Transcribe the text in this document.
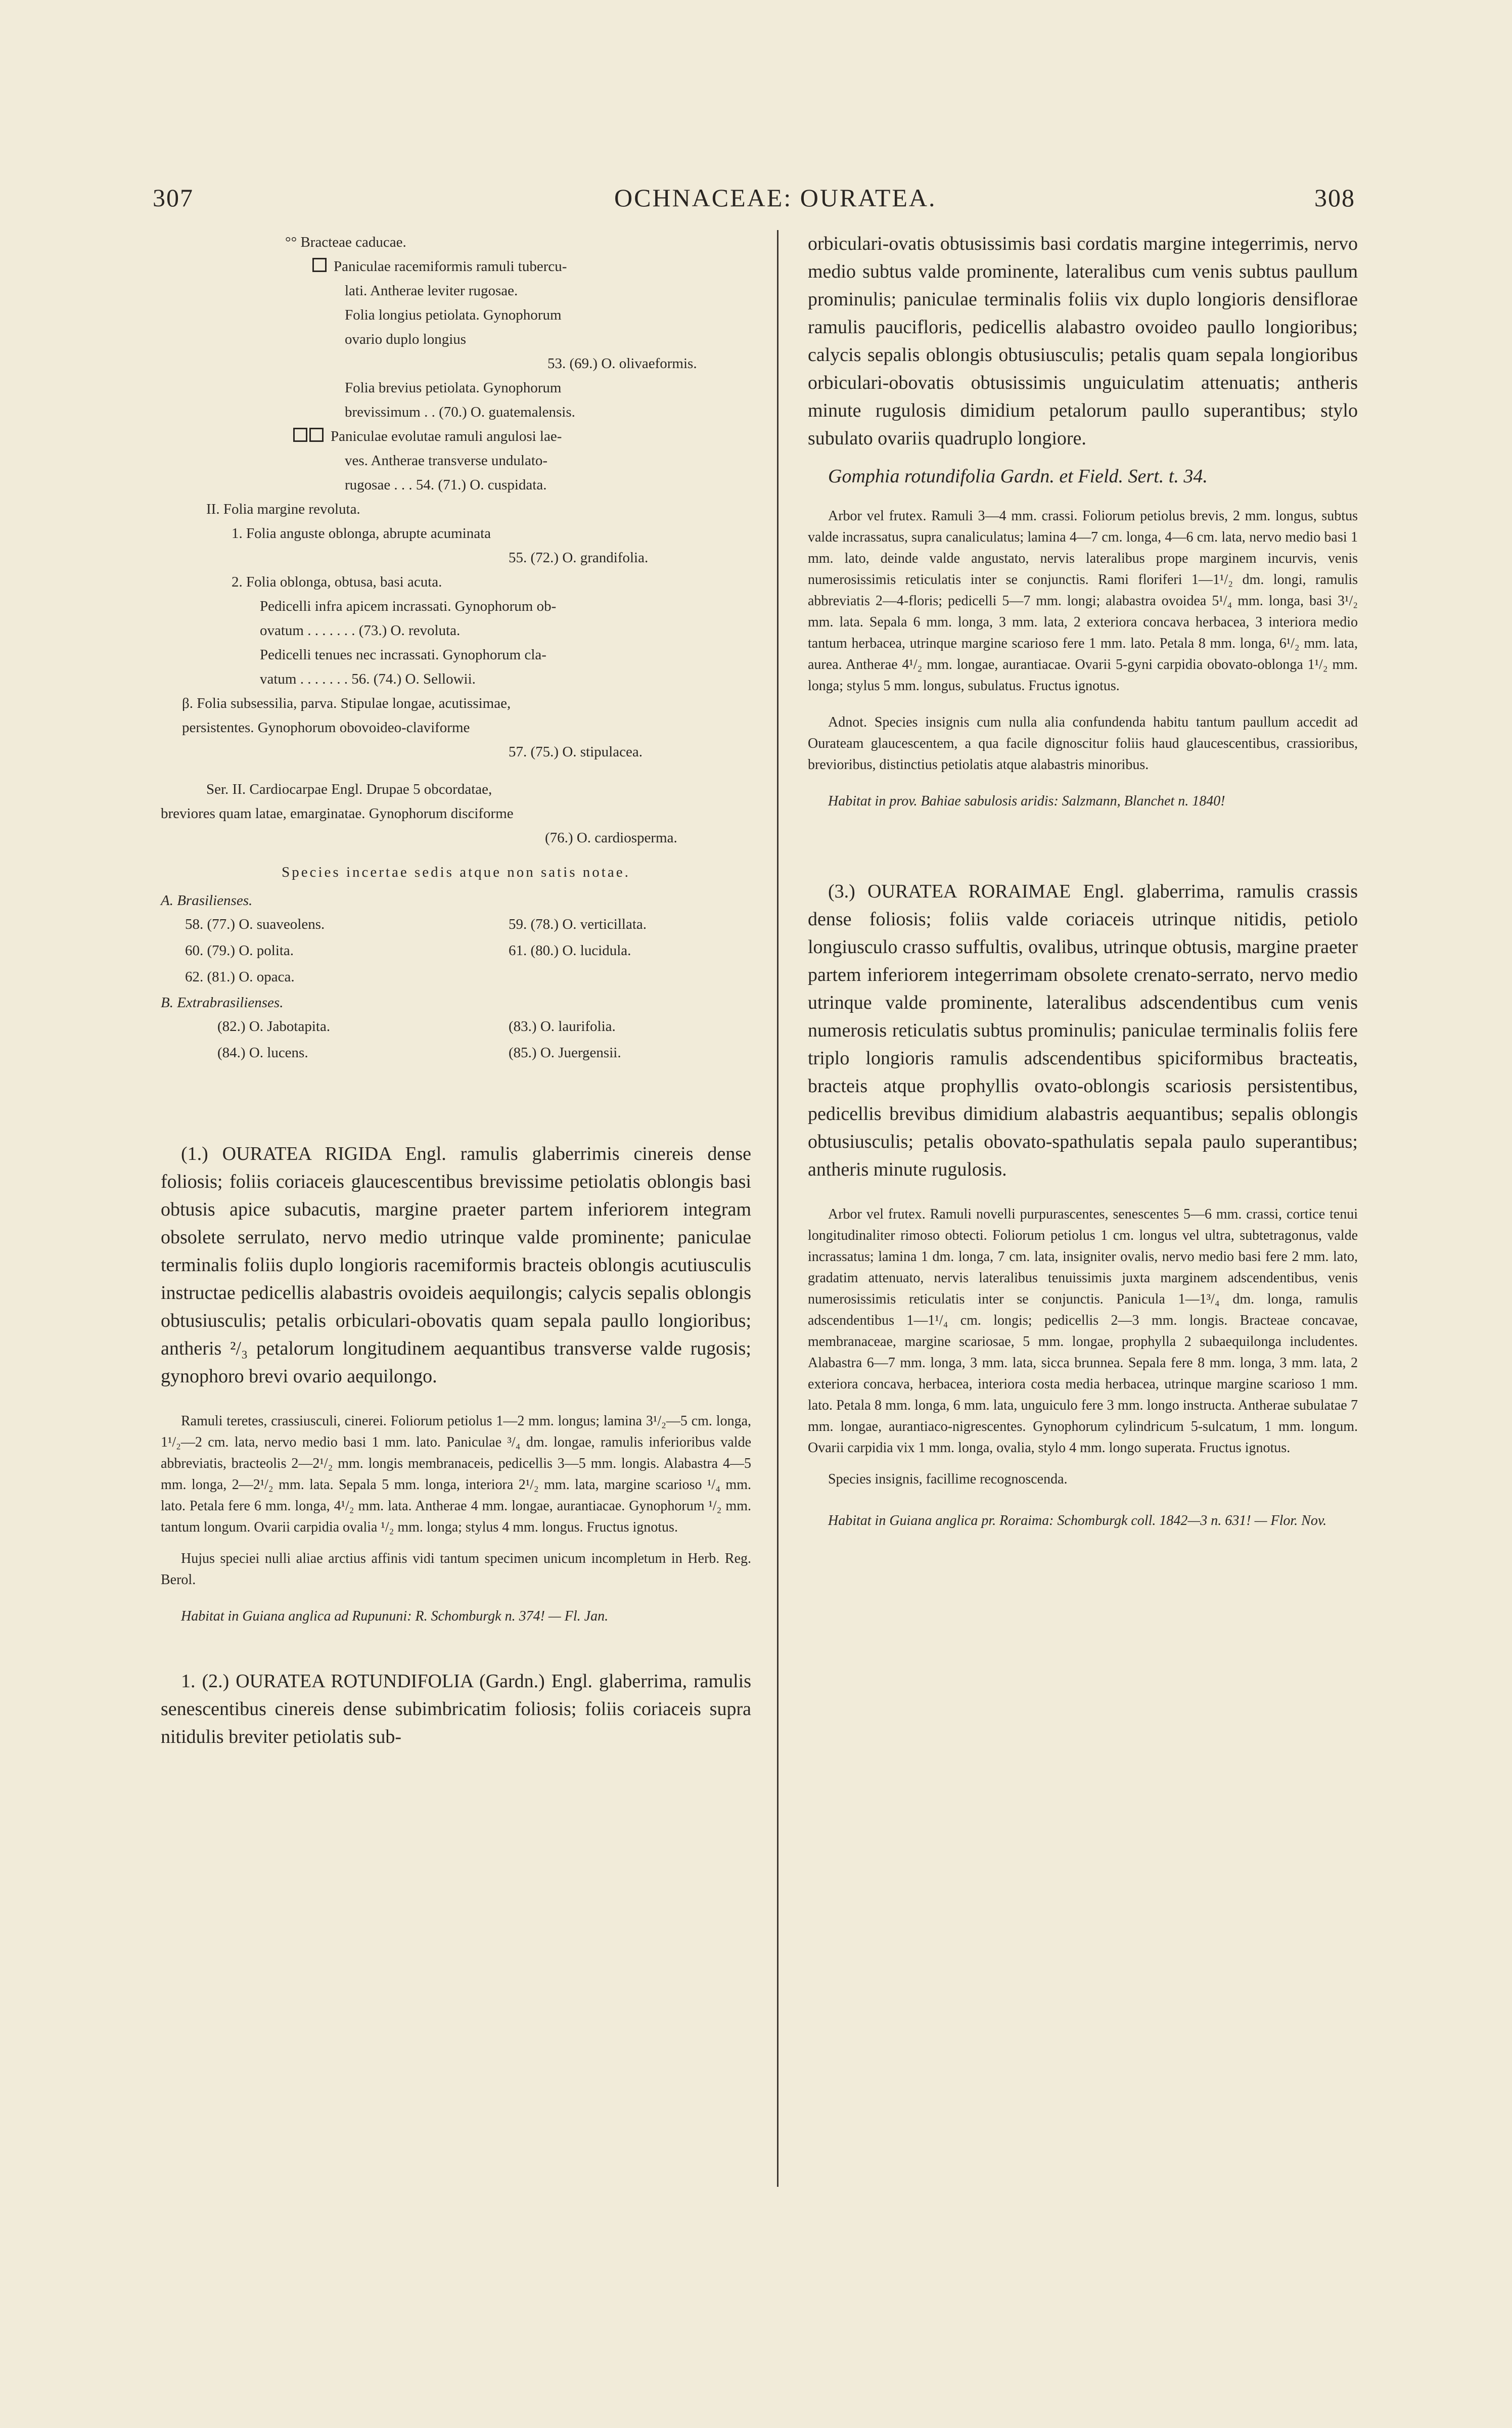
307	OCHNACEAE: OURATEA.	308
°° Bracteae caducae.
Paniculae racemiformis ramuli tubercu-
lati. Antherae leviter rugosae.
Folia longius petiolata. Gynophorum
ovario duplo longius
53. (69.) O. olivaeformis.
Folia brevius petiolata. Gynophorum
brevissimum . . (70.) O. guatemalensis.
Paniculae evolutae ramuli angulosi lae-
ves. Antherae transverse undulato-
rugosae . . . 54. (71.) O. cuspidata.
II. Folia margine revoluta.
1. Folia anguste oblonga, abrupte acuminata
55. (72.) O. grandifolia.
2. Folia oblonga, obtusa, basi acuta.
Pedicelli infra apicem incrassati. Gynophorum ob-
ovatum . . . . . . . (73.) O. revoluta.
Pedicelli tenues nec incrassati. Gynophorum cla-
vatum . . . . . . . 56. (74.) O. Sellowii.
β. Folia subsessilia, parva. Stipulae longae, acutissimae,
persistentes. Gynophorum obovoideo-claviforme
57. (75.) O. stipulacea.
Ser. II. Cardiocarpae Engl. Drupae 5 obcordatae,
breviores quam latae, emarginatae. Gynophorum disciforme
(76.) O. cardiosperma.
Species incertae sedis atque non satis notae.
A. Brasilienses.
58. (77.) O. suaveolens.	59. (78.) O. verticillata.
60. (79.) O. polita.	61. (80.) O. lucidula.
62. (81.) O. opaca.
B. Extrabrasilienses.
(82.) O. Jabotapita.	(83.) O. laurifolia.
(84.) O. lucens.	(85.) O. Juergensii.
(1.) OURATEA RIGIDA Engl. ramulis glaberrimis cinereis dense foliosis; foliis coriaceis glaucescentibus brevissime petiolatis oblongis basi obtusis apice subacutis, margine praeter partem inferiorem integram obsolete serrulato, nervo medio utrinque valde prominente; paniculae terminalis foliis duplo longioris racemiformis bracteis oblongis acutiusculis instructae pedicellis alabastris ovoideis aequilongis; calycis sepalis oblongis obtusiusculis; petalis orbiculari-obovatis quam sepala paullo longioribus; antheris ²/₃ petalorum longitudinem aequantibus transverse valde rugosis; gynophoro brevi ovario aequilongo.
Ramuli teretes, crassiusculi, cinerei. Foliorum petiolus 1—2 mm. longus; lamina 3¹/₂—5 cm. longa, 1¹/₂—2 cm. lata, nervo medio basi 1 mm. lato. Paniculae ³/₄ dm. longae, ramulis inferioribus valde abbreviatis, bracteolis 2—2¹/₂ mm. longis membranaceis, pedicellis 3—5 mm. longis. Alabastra 4—5 mm. longa, 2—2¹/₂ mm. lata. Sepala 5 mm. longa, interiora 2¹/₂ mm. lata, margine scarioso ¹/₄ mm. lato. Petala fere 6 mm. longa, 4¹/₂ mm. lata. Antherae 4 mm. longae, aurantiacae. Gynophorum ¹/₂ mm. tantum longum. Ovarii carpidia ovalia ¹/₂ mm. longa; stylus 4 mm. longus. Fructus ignotus.
Hujus speciei nulli aliae arctius affinis vidi tantum specimen unicum incompletum in Herb. Reg. Berol.
Habitat in Guiana anglica ad Rupununi: R. Schomburgk n. 374! — Fl. Jan.
1. (2.) OURATEA ROTUNDIFOLIA (Gardn.) Engl. glaberrima, ramulis senescentibus cinereis dense subimbricatim foliosis; foliis coriaceis supra nitidulis breviter petiolatis sub-
orbiculari-ovatis obtusissimis basi cordatis margine integerrimis, nervo medio subtus valde prominente, lateralibus cum venis subtus paullum prominulis; paniculae terminalis foliis vix duplo longioris densiflorae ramulis paucifloris, pedicellis alabastro ovoideo paullo longioribus; calycis sepalis oblongis obtusiusculis; petalis quam sepala longioribus orbiculari-obovatis obtusissimis unguiculatim attenuatis; antheris minute rugulosis dimidium petalorum paullo superantibus; stylo subulato ovariis quadruplo longiore.
Gomphia rotundifolia Gardn. et Field. Sert. t. 34.
Arbor vel frutex. Ramuli 3—4 mm. crassi. Foliorum petiolus brevis, 2 mm. longus, subtus valde incrassatus, supra canaliculatus; lamina 4—7 cm. longa, 4—6 cm. lata, nervo medio basi 1 mm. lato, deinde valde angustato, nervis lateralibus prope marginem incurvis, venis numerosissimis reticulatis inter se conjunctis. Rami floriferi 1—1¹/₂ dm. longi, ramulis abbreviatis 2—4-floris; pedicelli 5—7 mm. longi; alabastra ovoidea 5¹/₄ mm. longa, basi 3¹/₂ mm. lata. Sepala 6 mm. longa, 3 mm. lata, 2 exteriora concava herbacea, 3 interiora medio tantum herbacea, utrinque margine scarioso fere 1 mm. lato. Petala 8 mm. longa, 6¹/₂ mm. lata, aurea. Antherae 4¹/₂ mm. longae, aurantiacae. Ovarii 5-gyni carpidia obovato-oblonga 1¹/₂ mm. longa; stylus 5 mm. longus, subulatus. Fructus ignotus.
Adnot. Species insignis cum nulla alia confundenda habitu tantum paullum accedit ad Ourateam glaucescentem, a qua facile dignoscitur foliis haud glaucescentibus, crassioribus, brevioribus, distinctius petiolatis atque alabastris minoribus.
Habitat in prov. Bahiae sabulosis aridis: Salzmann, Blanchet n. 1840!
(3.) OURATEA RORAIMAE Engl. glaberrima, ramulis crassis dense foliosis; foliis valde coriaceis utrinque nitidis, petiolo longiusculo crasso suffultis, ovalibus, utrinque obtusis, margine praeter partem inferiorem integerrimam obsolete crenato-serrato, nervo medio utrinque valde prominente, lateralibus adscendentibus cum venis numerosis reticulatis subtus prominulis; paniculae terminalis foliis fere triplo longioris ramulis adscendentibus spiciformibus bracteatis, bracteis atque prophyllis ovato-oblongis scariosis persistentibus, pedicellis brevibus dimidium alabastris aequantibus; sepalis oblongis obtusiusculis; petalis obovato-spathulatis sepala paulo superantibus; antheris minute rugulosis.
Arbor vel frutex. Ramuli novelli purpurascentes, senescentes 5—6 mm. crassi, cortice tenui longitudinaliter rimoso obtecti. Foliorum petiolus 1 cm. longus vel ultra, subtetragonus, valde incrassatus; lamina 1 dm. longa, 7 cm. lata, insigniter ovalis, nervo medio basi fere 2 mm. lato, gradatim attenuato, nervis lateralibus tenuissimis juxta marginem adscendentibus, venis numerosissimis reticulatis inter se conjunctis. Panicula 1—1³/₄ dm. longa, ramulis adscendentibus 1—1¹/₄ cm. longis; pedicellis 2—3 mm. longis. Bracteae concavae, membranaceae, margine scariosae, 5 mm. longae, prophylla 2 subaequilonga includentes. Alabastra 6—7 mm. longa, 3 mm. lata, sicca brunnea. Sepala fere 8 mm. longa, 3 mm. lata, 2 exteriora concava, herbacea, interiora costa media herbacea, utrinque margine scarioso 1 mm. lato. Petala 8 mm. longa, 6 mm. lata, unguiculo fere 3 mm. longo instructa. Antherae subulatae 7 mm. longae, aurantiaco-nigrescentes. Gynophorum cylindricum 5-sulcatum, 1 mm. longum. Ovarii carpidia vix 1 mm. longa, ovalia, stylo 4 mm. longo superata. Fructus ignotus.
Species insignis, facillime recognoscenda.
Habitat in Guiana anglica pr. Roraima: Schomburgk coll. 1842—3 n. 631! — Flor. Nov.
